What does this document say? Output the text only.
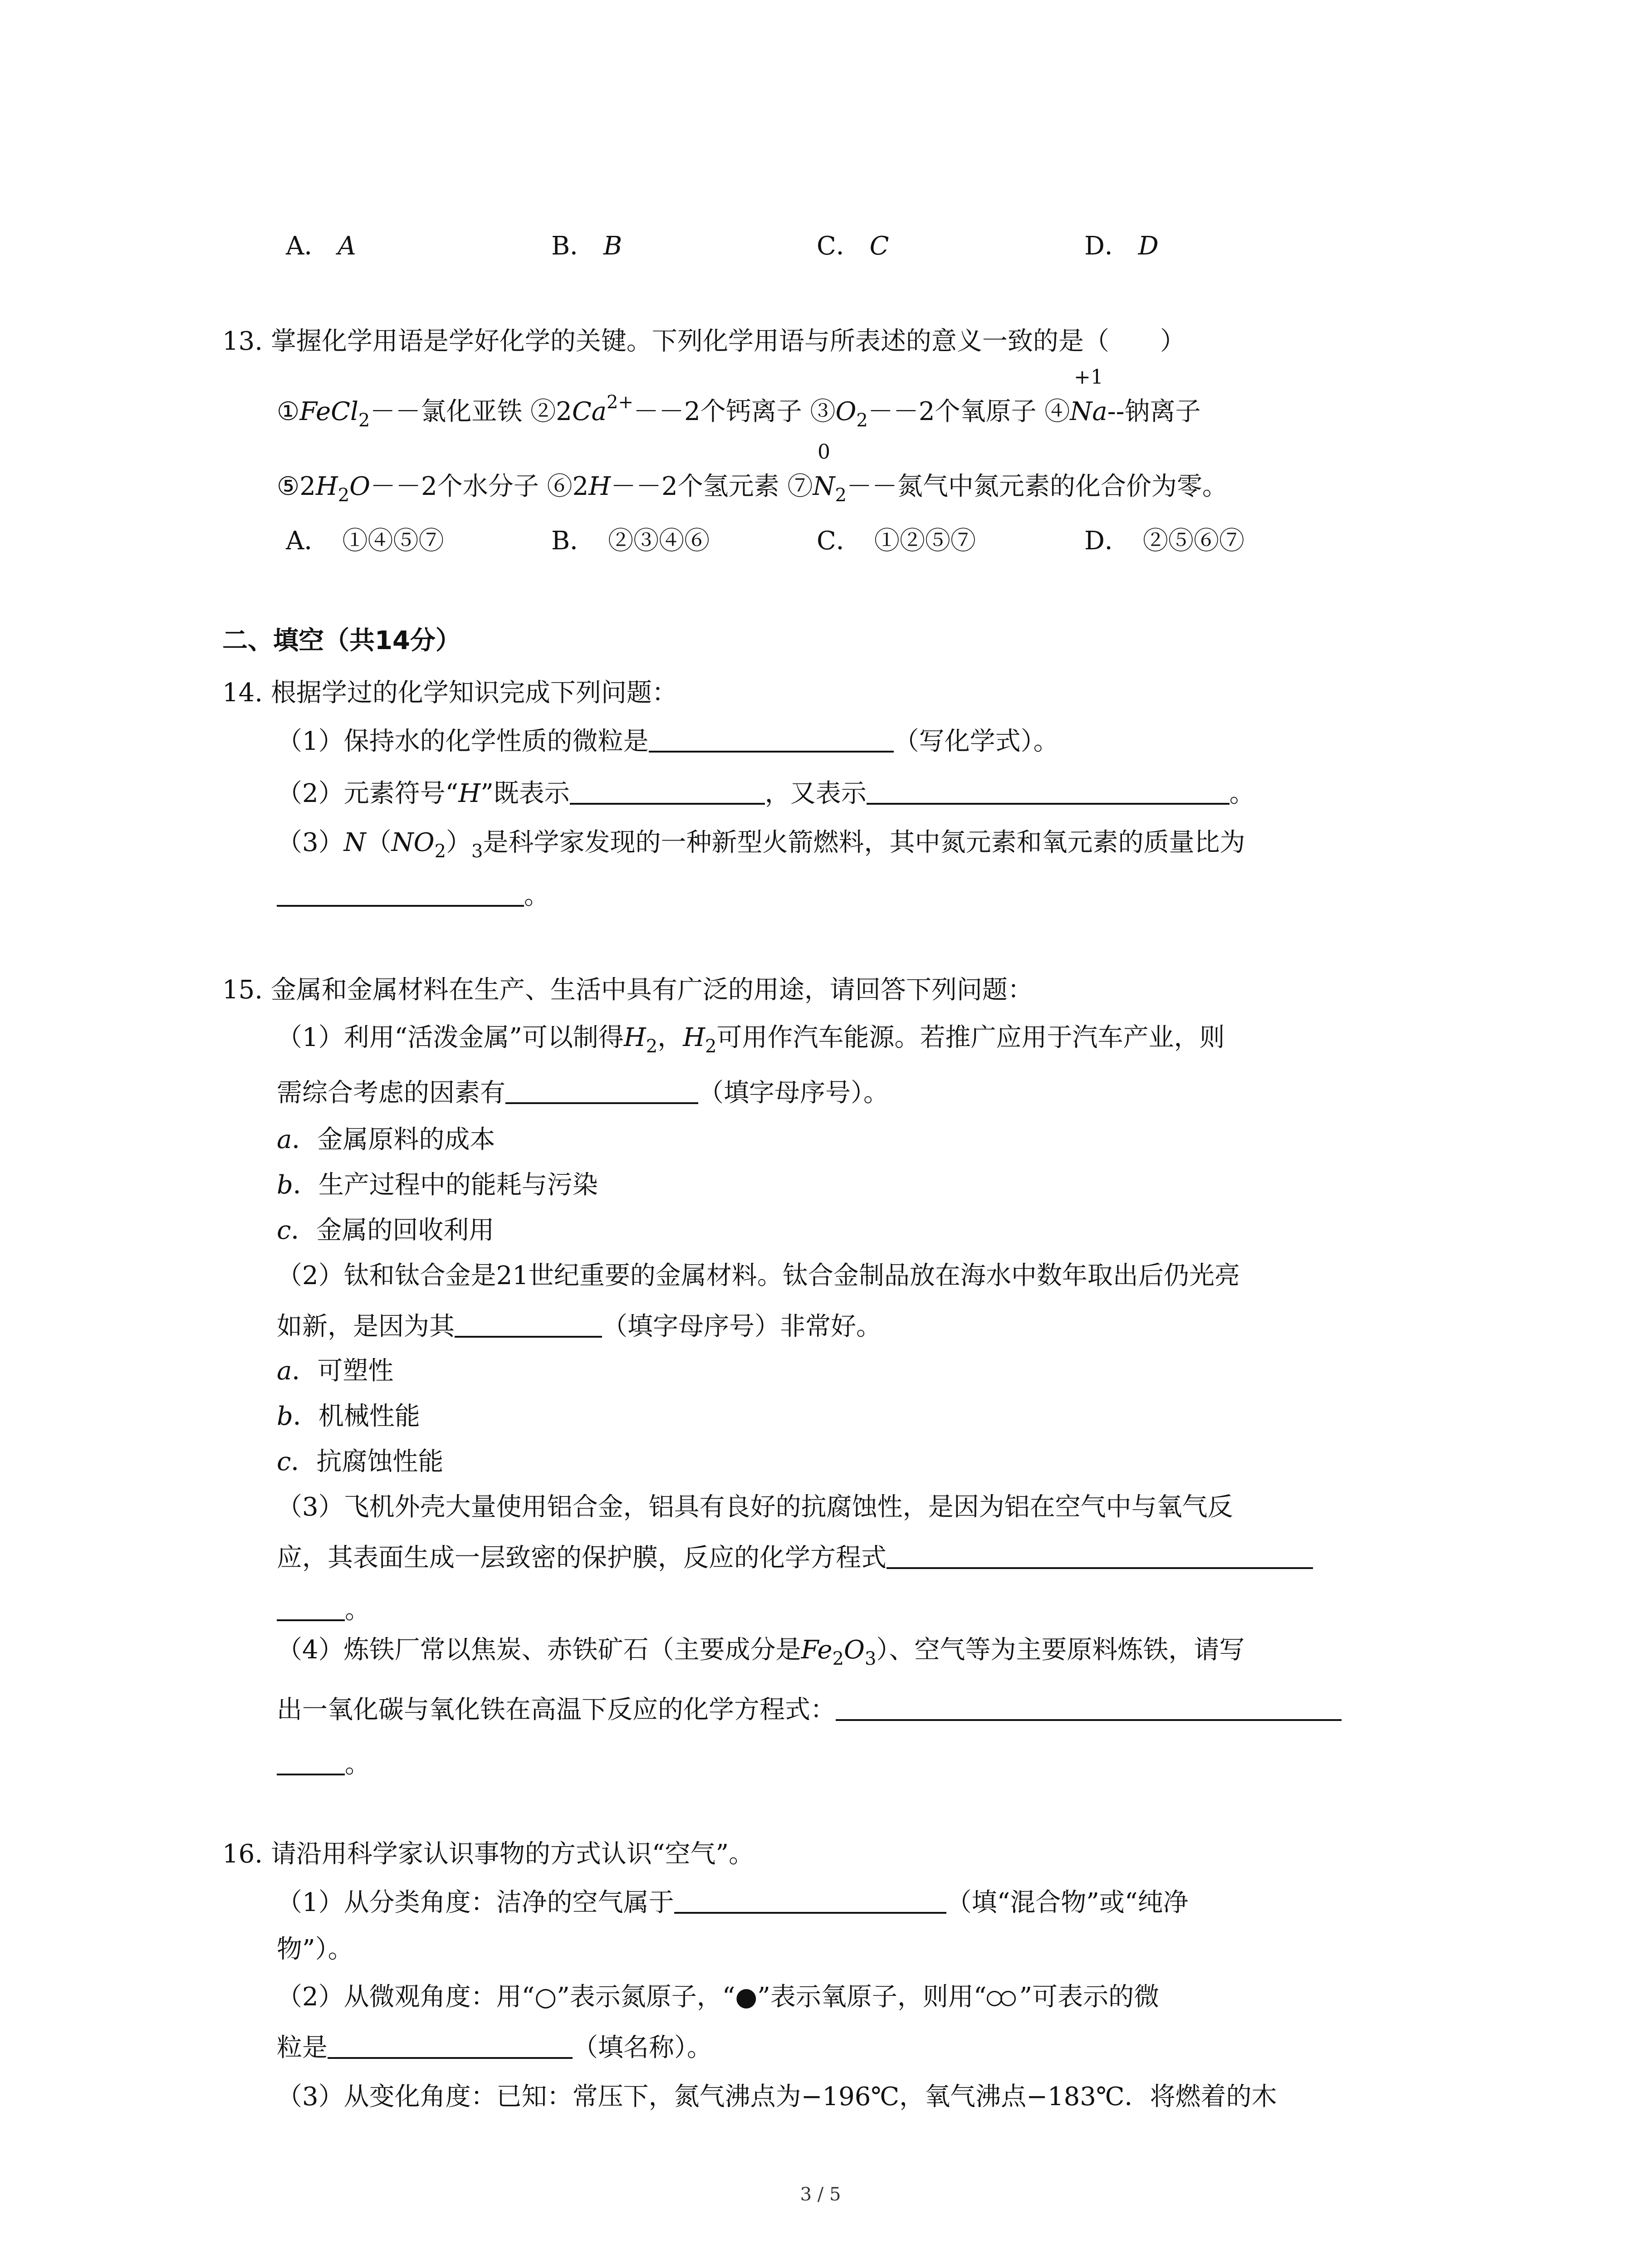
A． A	B． B	C． C	D． D
13. 掌握化学用语是学好化学的关键。下列化学用语与所表述的意义一致的是（　　）
①FeCl$_2$－－氯化亚铁 $②2Ca^{2+}--2$个钙离子 $③O_2--2$个氧原子 ④
+1
Na--钠离子
$⑤2H_2O--2$个水分子 ⑥2H－－2个氢元素 ⑦
0
$N_2--$氮气中氮元素的化合价为零。
A．　①④⑤⑦	B．　②③④⑥	C．　①②⑤⑦	D．　②⑤⑥⑦
二、填空（共14分）
14. 根据学过的化学知识完成下列问题：
（1）保持水的化学性质的微粒是	（写化学式）。
（2）元素符号“H”既表示	，又表示	。
$(3)N(NO_2)_3$是科学家发现的一种新型火箭燃料，其中氮元素和氧元素的质量比为
。
15. 金属和金属材料在生产、生活中具有广泛的用途，请回答下列问题：
（1）利用“活泼金属”可以制得$H_2$，$H_2$可用作汽车能源。若推广应用于汽车产业，则
需综合考虑的因素有	（填字母序号）。
a．金属原料的成本
b．生产过程中的能耗与污染
c．金属的回收利用
（2）钛和钛合金是21世纪重要的金属材料。钛合金制品放在海水中数年取出后仍光亮
如新，是因为其	（填字母序号）非常好。
a．可塑性
b．机械性能
c．抗腐蚀性能
（3）飞机外壳大量使用铝合金，铝具有良好的抗腐蚀性，是因为铝在空气中与氧气反
应，其表面生成一层致密的保护膜，反应的化学方程式
。
（4）炼铁厂常以焦炭、赤铁矿石（主要成分是$Fe_2O_3$）、空气等为主要原料炼铁，请写
出一氧化碳与氧化铁在高温下反应的化学方程式：
。
16. 请沿用科学家认识事物的方式认识“空气”。
（1）从分类角度：洁净的空气属于	（填“混合物”或“纯净
物”）。
（2）从微观角度：用“○”表示氮原子，“●”表示氧原子，则用“ ”可表示的微
粒是	（填名称）。
（3）从变化角度：已知：常压下，氮气沸点为−196℃，氧气沸点−183℃．将燃着的木
3 / 5
